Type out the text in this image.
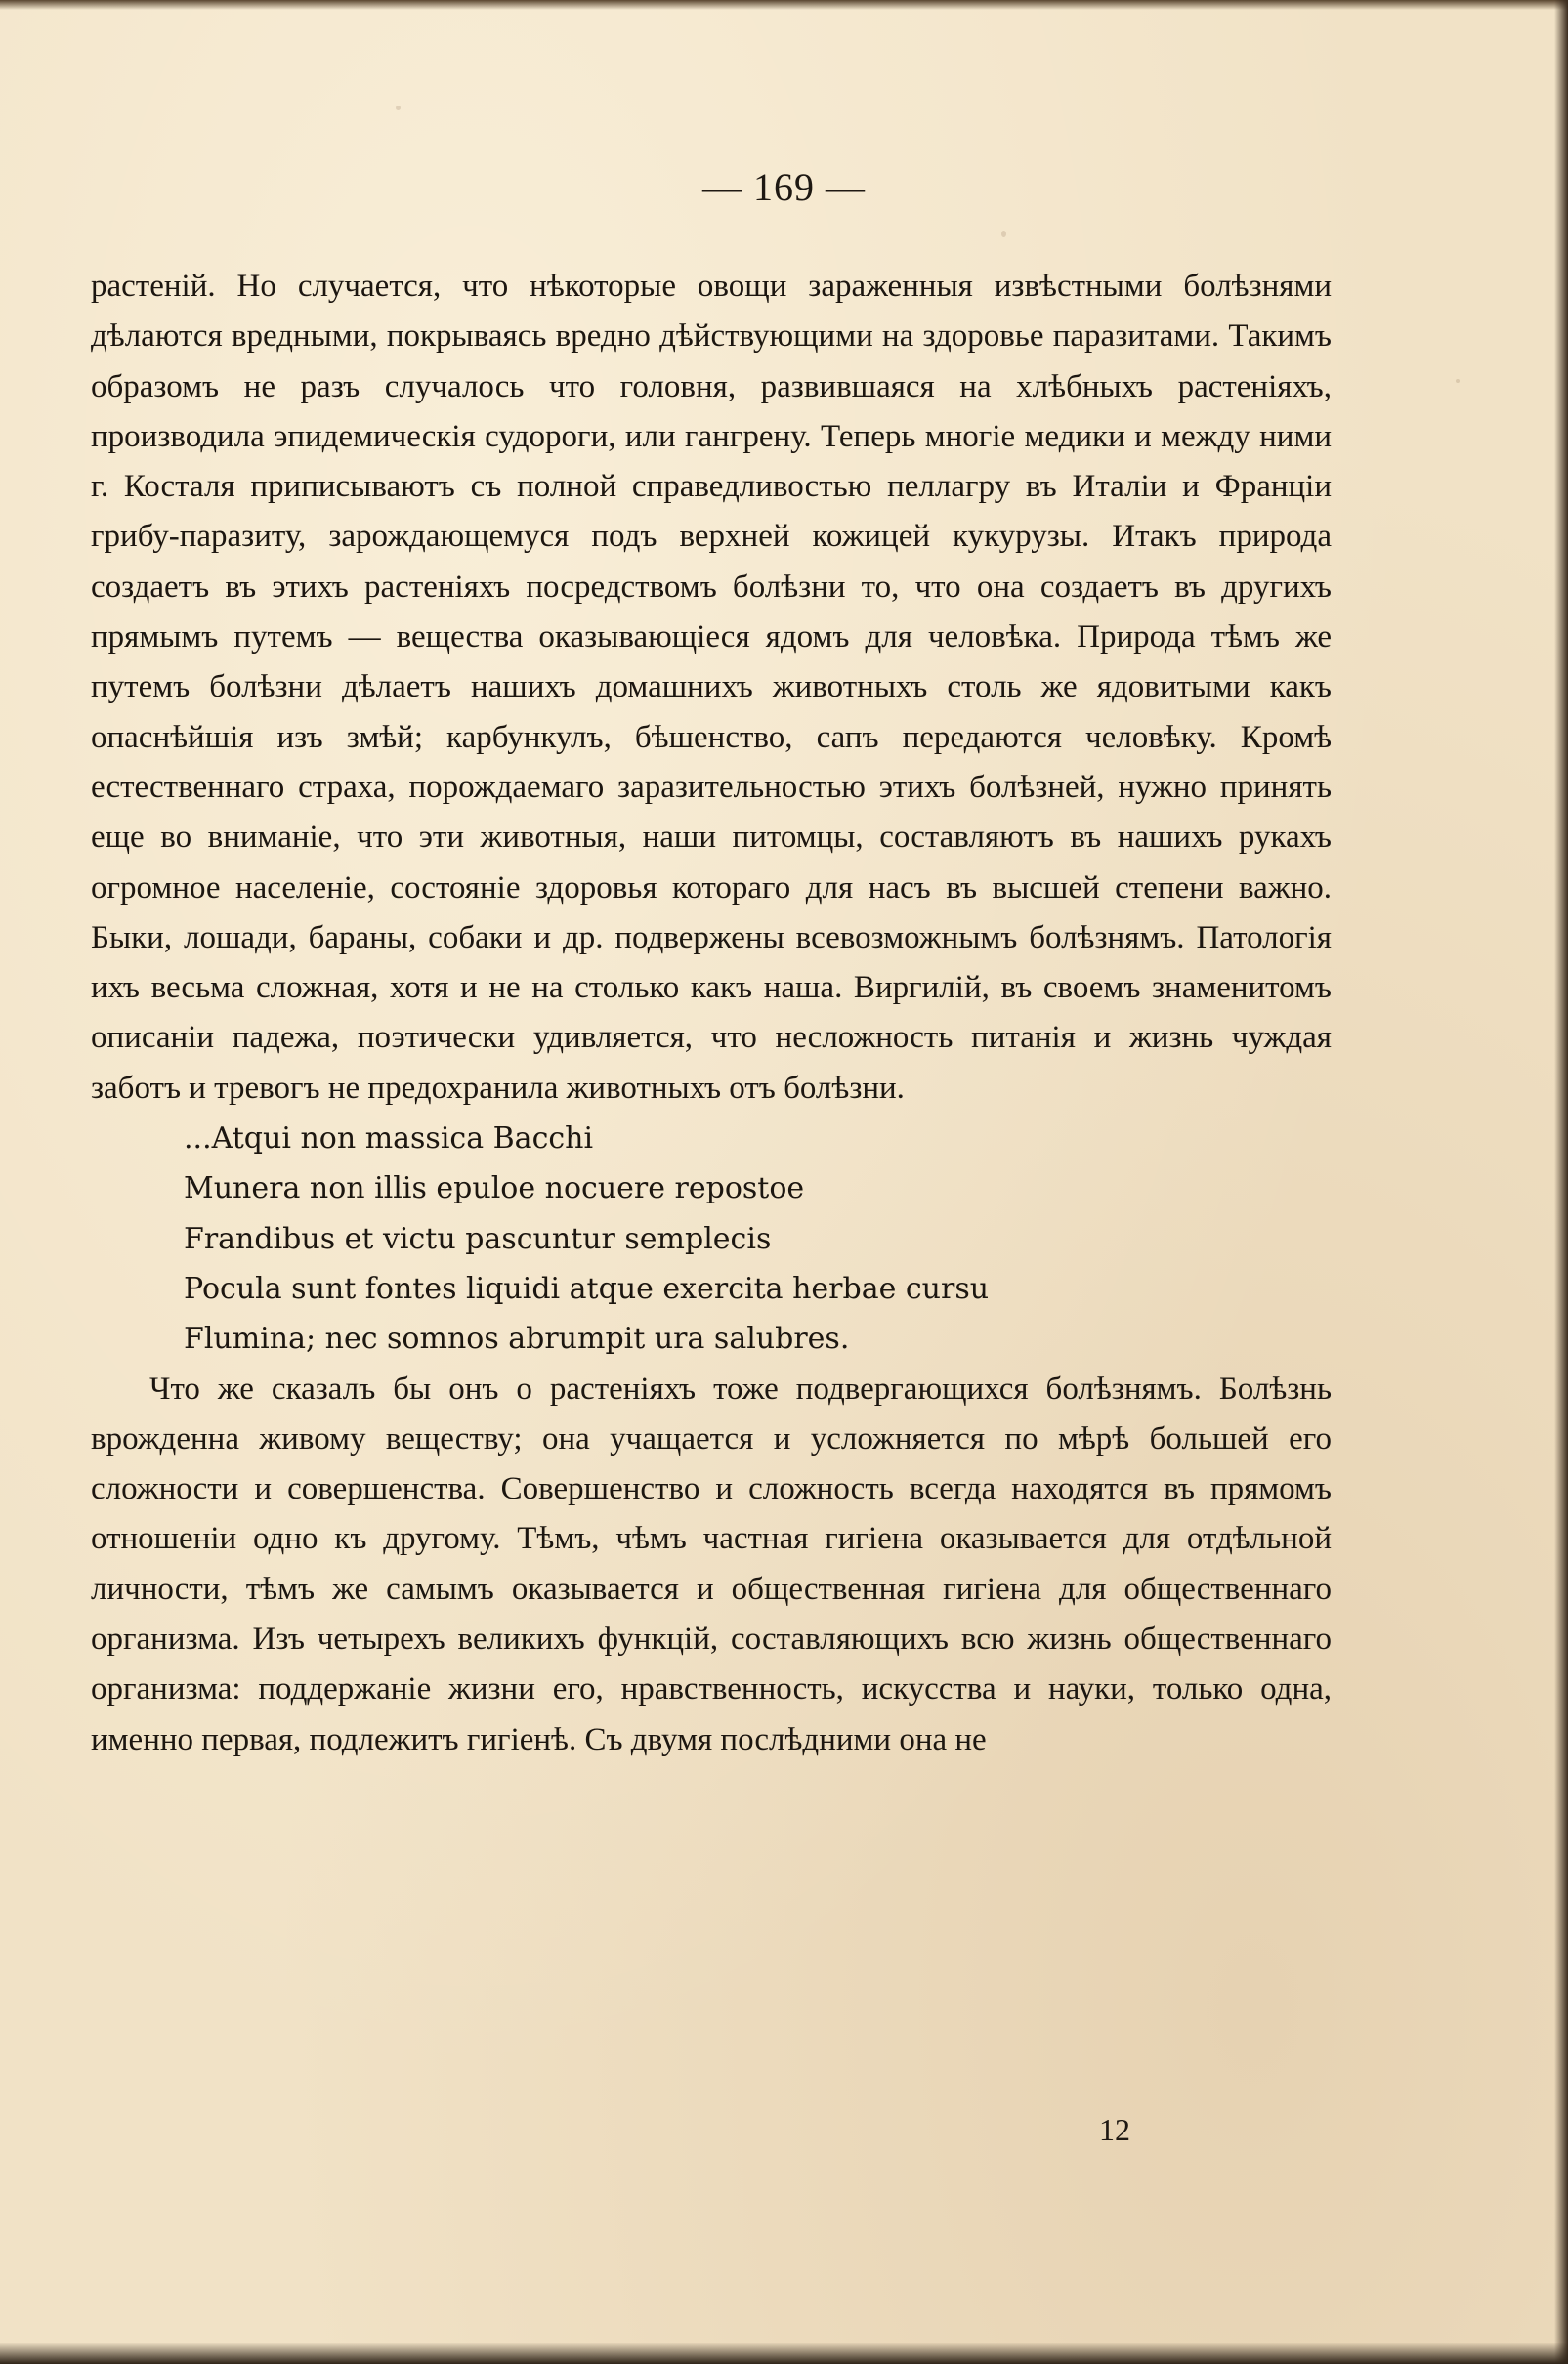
— 169 —

растенiй. Но случается, что нѣкоторые овощи зараженныя извѣстными болѣзнями дѣлаются вредными, покрываясь вредно дѣйствующими на здоровье паразитами. Такимъ образомъ не разъ случалось что головня, развившаяся на хлѣбныхъ растенiяхъ, производила эпидемическiя судороги, или гангрену. Теперь многiе медики и между ними г. Косталя приписываютъ съ полной справедливостью пеллагру въ Италiи и Францiи грибу-паразиту, зарождающемуся подъ верхней кожицей кукурузы. Итакъ природа создаетъ въ этихъ растенiяхъ посредствомъ болѣзни то, что она создаетъ въ другихъ прямымъ путемъ — вещества оказывающiеся ядомъ для человѣка. Природа тѣмъ же путемъ болѣзни дѣлаетъ нашихъ домашнихъ животныхъ столь же ядовитыми какъ опаснѣйшiя изъ змѣй; карбункулъ, бѣшенство, сапъ передаются человѣку. Кромѣ естественнаго страха, порождаемаго заразительностью этихъ болѣзней, нужно принять еще во вниманiе, что эти животныя, наши питомцы, составляютъ въ нашихъ рукахъ огромное населенiе, состоянiе здоровья котораго для насъ въ высшей степени важно. Быки, лошади, бараны, собаки и др. подвержены всевозможнымъ болѣзнямъ. Патологiя ихъ весьма сложная, хотя и не на столько какъ наша. Виргилiй, въ своемъ знаменитомъ описанiи падежа, поэтически удивляется, что несложность питанiя и жизнь чуждая заботъ и тревогъ не предохранила животныхъ отъ болѣзни.

...Atqui non massica Bacchi
Munera non illis epuloe nocuere repostoe
Frandibus et victu pascuntur semplecis
Pocula sunt fontes liquidi atque exercita herbae cursu
Flumina; nec somnos abrumpit ura salubres.

Что же сказалъ бы онъ о растенiяхъ тоже подвергающихся болѣзнямъ. Болѣзнь врожденна живому веществу; она учащается и усложняется по мѣрѣ большей его сложности и совершенства. Совершенство и сложность всегда находятся въ прямомъ отношенiи одно къ другому. Тѣмъ, чѣмъ частная гигiена оказывается для отдѣльной личности, тѣмъ же самымъ оказывается и общественная гигiена для общественнаго организма. Изъ четырехъ великихъ функцiй, составляющихъ всю жизнь общественнаго организма: поддержанiе жизни его, нравственность, искусства и науки, только одна, именно первая, подлежитъ гигiенѣ. Съ двумя послѣдними она не

12
